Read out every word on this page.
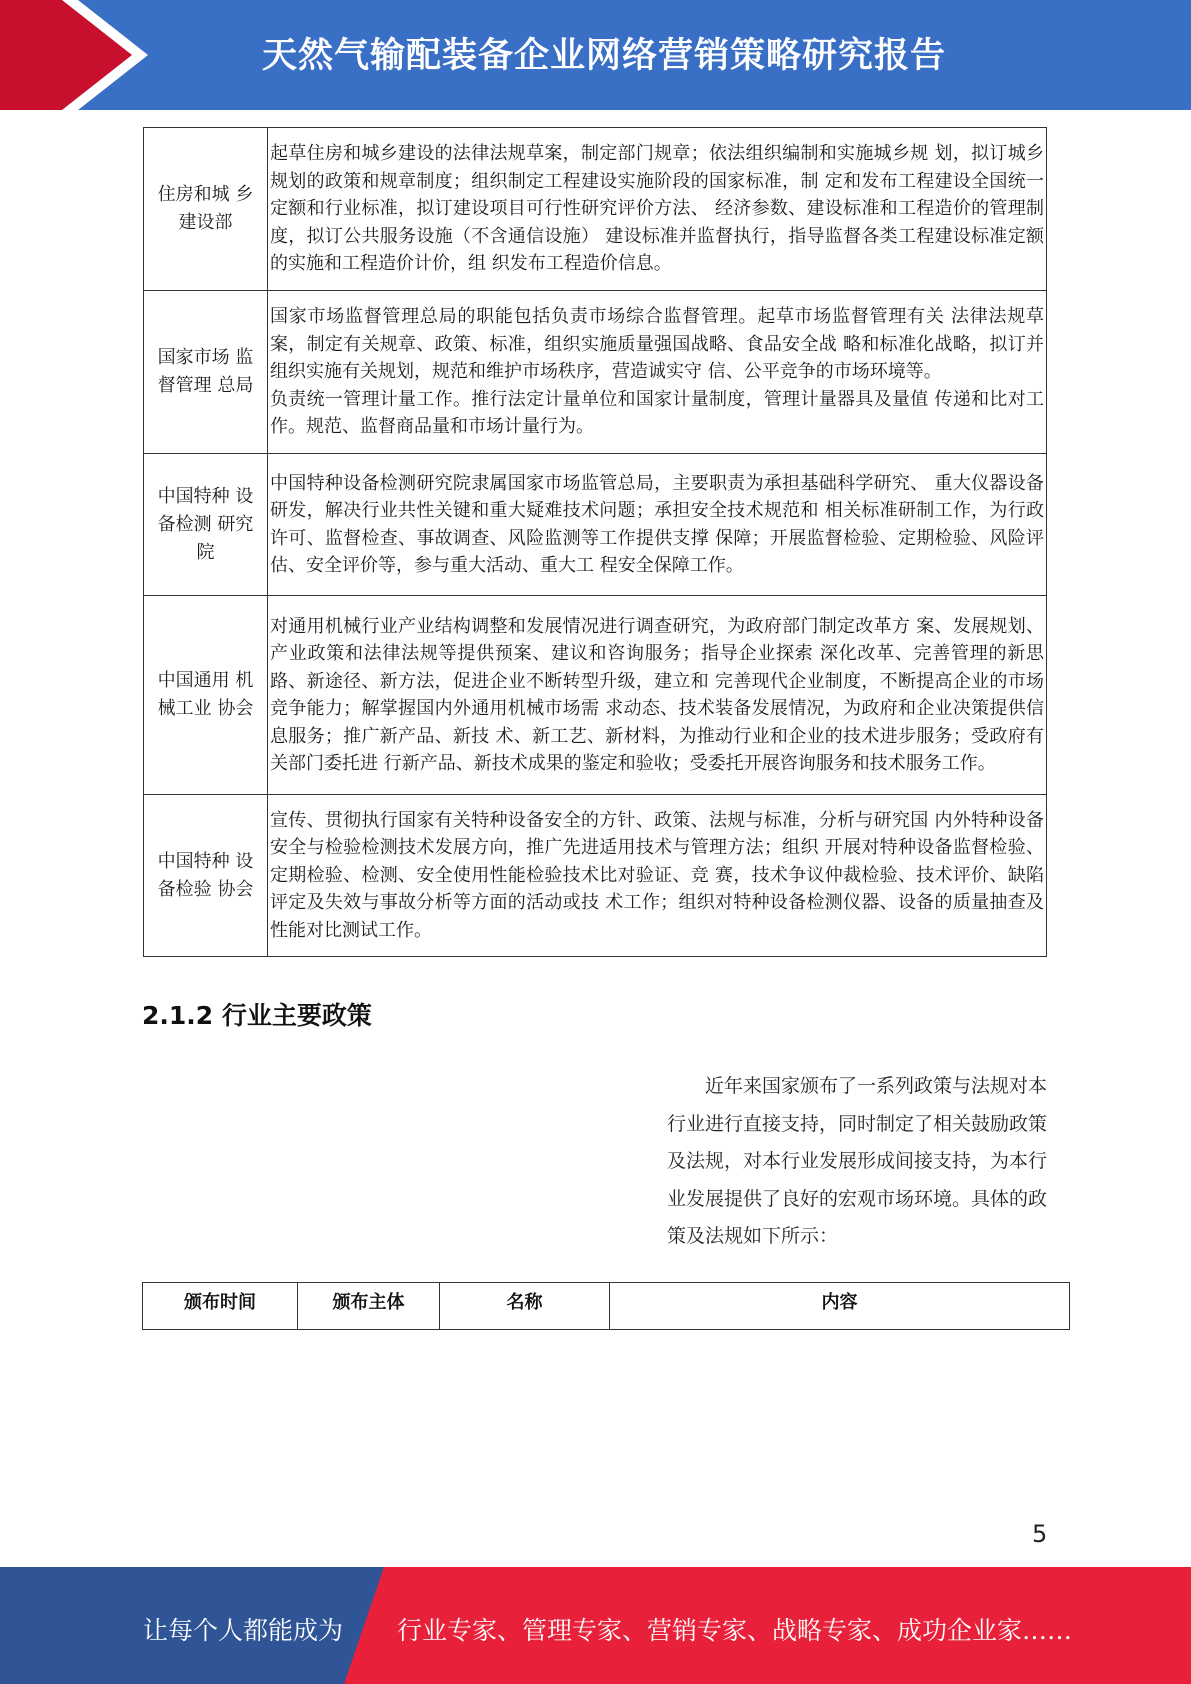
天然气输配装备企业网络营销策略研究报告
住房和城 乡建设部	起草住房和城乡建设的法律法规草案，制定部门规章；依法组织编制和实施城乡规 划，拟订城乡规划的政策和规章制度；组织制定工程建设实施阶段的国家标准，制 定和发布工程建设全国统一定额和行业标准，拟订建设项目可行性研究评价方法、 经济参数、建设标准和工程造价的管理制度，拟订公共服务设施（不含通信设施） 建设标准并监督执行，指导监督各类工程建设标准定额的实施和工程造价计价，组 织发布工程造价信息。

国家市场 监督管理 总局	国家市场监督管理总局的职能包括负责市场综合监督管理。起草市场监督管理有关 法律法规草案，制定有关规章、政策、标准，组织实施质量强国战略、食品安全战 略和标准化战略，拟订并组织实施有关规划，规范和维护市场秩序，营造诚实守 信、公平竞争的市场环境等。
负责统一管理计量工作。推行法定计量单位和国家计量制度，管理计量器具及量值 传递和比对工作。规范、监督商品量和市场计量行为。

中国特种 设备检测 研究院	中国特种设备检测研究院隶属国家市场监管总局，主要职责为承担基础科学研究、 重大仪器设备研发，解决行业共性关键和重大疑难技术问题；承担安全技术规范和 相关标准研制工作，为行政许可、监督检查、事故调查、风险监测等工作提供支撑 保障；开展监督检验、定期检验、风险评估、安全评价等，参与重大活动、重大工 程安全保障工作。

中国通用 机械工业 协会	对通用机械行业产业结构调整和发展情况进行调查研究，为政府部门制定改革方 案、发展规划、产业政策和法律法规等提供预案、建议和咨询服务；指导企业探索 深化改革、完善管理的新思路、新途径、新方法，促进企业不断转型升级，建立和 完善现代企业制度，不断提高企业的市场竞争能力；解掌握国内外通用机械市场需 求动态、技术装备发展情况，为政府和企业决策提供信息服务；推广新产品、新技 术、新工艺、新材料，为推动行业和企业的技术进步服务；受政府有关部门委托进 行新产品、新技术成果的鉴定和验收；受委托开展咨询服务和技术服务工作。

中国特种 设备检验 协会	宣传、贯彻执行国家有关特种设备安全的方针、政策、法规与标准，分析与研究国 内外特种设备安全与检验检测技术发展方向，推广先进适用技术与管理方法；组织 开展对特种设备监督检验、定期检验、检测、安全使用性能检验技术比对验证、竞 赛，技术争议仲裁检验、技术评价、缺陷评定及失效与事故分析等方面的活动或技 术工作；组织对特种设备检测仪器、设备的质量抽查及性能对比测试工作。
2.1.2 行业主要政策

近年来国家颁布了一系列政策与法规对本行业进行直接支持，同时制定了相关鼓励政策及法规，对本行业发展形成间接支持，为本行业发展提供了良好的宏观市场环境。具体的政策及法规如下所示：

颁布时间	颁布主体	名称	内容
5
让每个人都能成为 行业专家、管理专家、营销专家、战略专家、成功企业家……
